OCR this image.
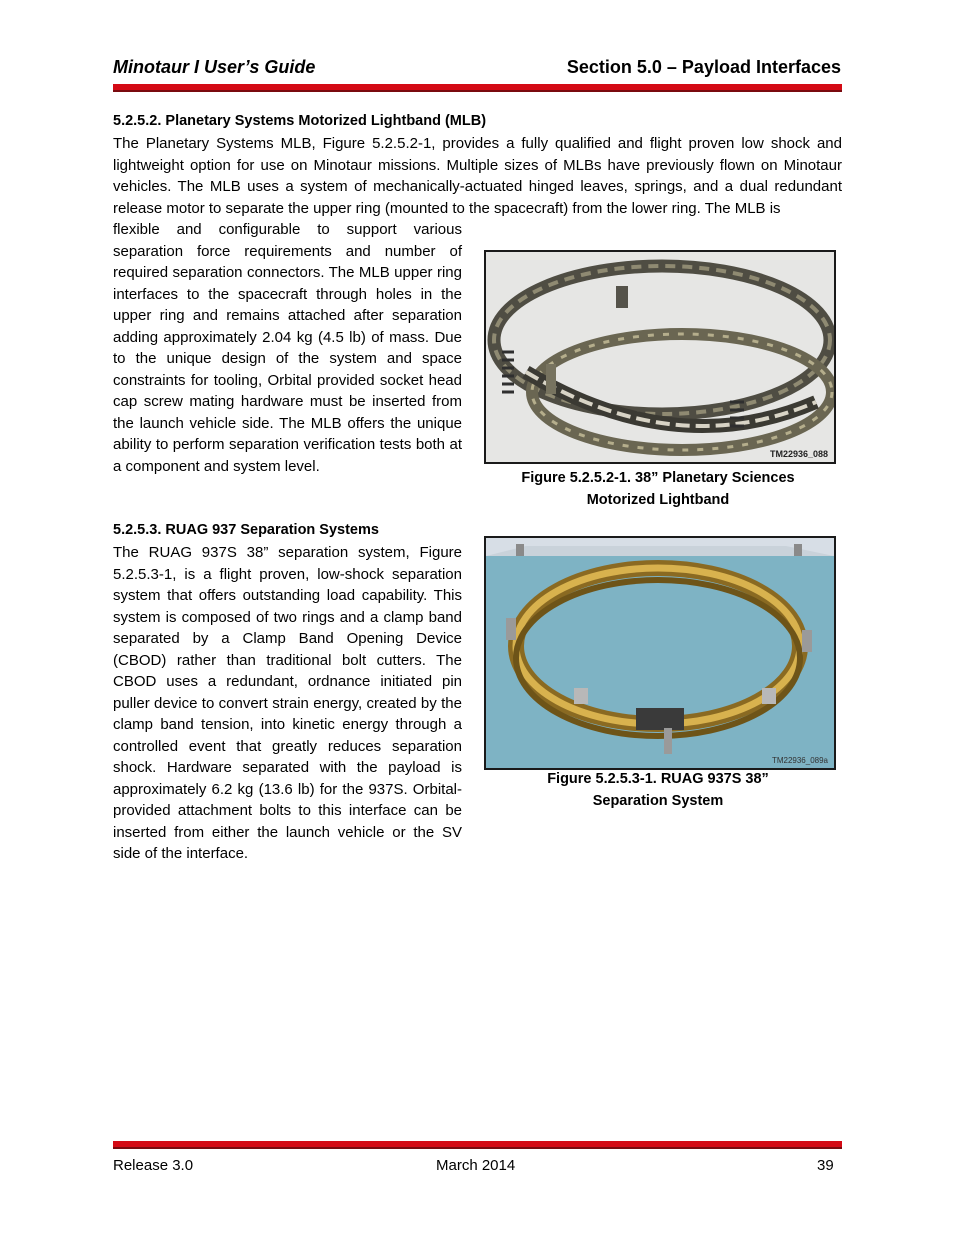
Minotaur I User’s Guide	Section 5.0 – Payload Interfaces
5.2.5.2. Planetary Systems Motorized Lightband (MLB)
The Planetary Systems MLB, Figure 5.2.5.2-1, provides a fully qualified and flight proven low shock and lightweight option for use on Minotaur missions. Multiple sizes of MLBs have previously flown on Minotaur vehicles. The MLB uses a system of mechanically-actuated hinged leaves, springs, and a dual redundant release motor to separate the upper ring (mounted to the spacecraft) from the lower ring. The MLB is
flexible and configurable to support various separation force requirements and number of required separation connectors. The MLB upper ring interfaces to the spacecraft through holes in the upper ring and remains attached after separation adding approximately 2.04 kg (4.5 lb) of mass. Due to the unique design of the system and space constraints for tooling, Orbital provided socket head cap screw mating hardware must be inserted from the launch vehicle side. The MLB offers the unique ability to perform separation verification tests both at a component and system level.
TM22936_088
Figure 5.2.5.2-1. 38” Planetary Sciences
Motorized Lightband
5.2.5.3. RUAG 937 Separation Systems
The RUAG 937S 38” separation system, Figure 5.2.5.3-1, is a flight proven, low-shock separation system that offers outstanding load capability. This system is composed of two rings and a clamp band separated by a Clamp Band Opening Device (CBOD) rather than traditional bolt cutters. The CBOD uses a redundant, ordnance initiated pin puller device to convert strain energy, created by the clamp band tension, into kinetic energy through a controlled event that greatly reduces separation shock. Hardware separated with the payload is approximately 6.2 kg (13.6 lb) for the 937S. Orbital-provided attachment bolts to this interface can be inserted from either the launch vehicle or the SV side of the interface.
TM22936_089a
Figure 5.2.5.3-1. RUAG 937S 38”
Separation System
Release 3.0	March 2014	39
